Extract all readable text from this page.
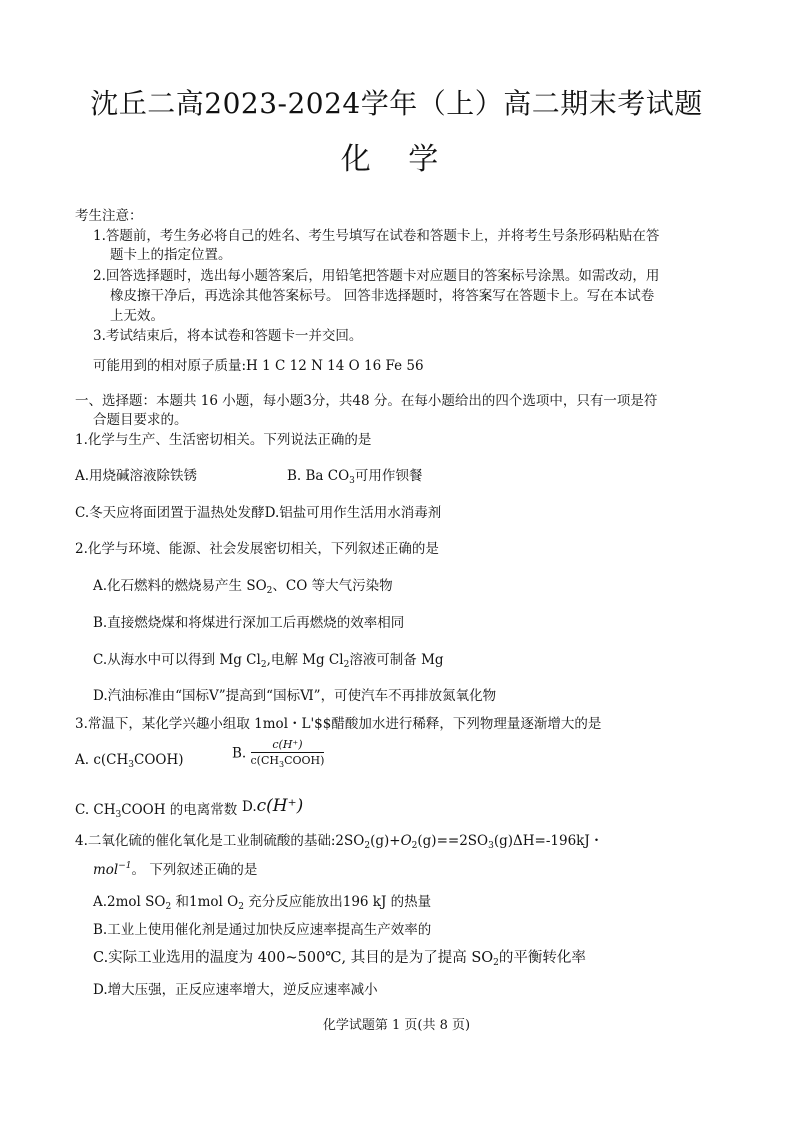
沈丘二高2023-2024学年（上）高二期末考试题
化 学
考生注意：
1.答题前，考生务必将自己的姓名、考生号填写在试卷和答题卡上，并将考生号条形码粘贴在答
题卡上的指定位置。
2.回答选择题时，选出每小题答案后，用铅笔把答题卡对应题目的答案标号涂黑。如需改动，用
橡皮擦干净后，再选涂其他答案标号。 回答非选择题时，将答案写在答题卡上。写在本试卷
上无效。
3.考试结束后，将本试卷和答题卡一并交回。
可能用到的相对原子质量:H 1 C 12 N 14 O 16 Fe 56
一、选择题：本题共 16 小题，每小题3分，共48 分。在每小题给出的四个选项中，只有一项是符
合题目要求的。
1.化学与生产、生活密切相关。下列说法正确的是
A.用烧碱溶液除铁锈	B. Ba $CO_3$可用作钡餐
C.冬天应将面团置于温热处发酵D.铝盐可用作生活用水消毒剂
2.化学与环境、能源、社会发展密切相关，下列叙述正确的是
A.化石燃料的燃烧易产生 $SO_2$、CO 等大气污染物
B.直接燃烧煤和将煤进行深加工后再燃烧的效率相同
C.从海水中可以得到 Mg $Cl_2$,电解 Mg $Cl_2$溶液可制备 Mg
D.汽油标准由“国标Ⅴ”提高到“国标Ⅵ”，可使汽车不再排放氮氧化物
3.常温下，某化学兴趣小组取 1mol・L'$$醋酸加水进行稀释，下列物理量逐渐增大的是
A. $c(CH_3COOH)$	B. $\frac{c(H^+)}{c(CH_3COOH)}$
C. $CH_3COOH$ 的电离常数 D.c(H⁺)
4.二氧化硫的催化氧化是工业制硫酸的基础$:2SO_2(g)+O_2(g)==2SO_3(g)\Delta H=-196kJ$・
mol$^{-1}$。 下列叙述正确的是
A.2mol $SO_2$ 和1mol $O_2$ 充分反应能放出196 kJ 的热量
B.工业上使用催化剂是通过加快反应速率提高生产效率的
C.实际工业选用的温度为 400~500℃, 其目的是为了提高 $SO_2$的平衡转化率
D.增大压强，正反应速率增大，逆反应速率减小
化学试题第 1 页(共 8 页)
